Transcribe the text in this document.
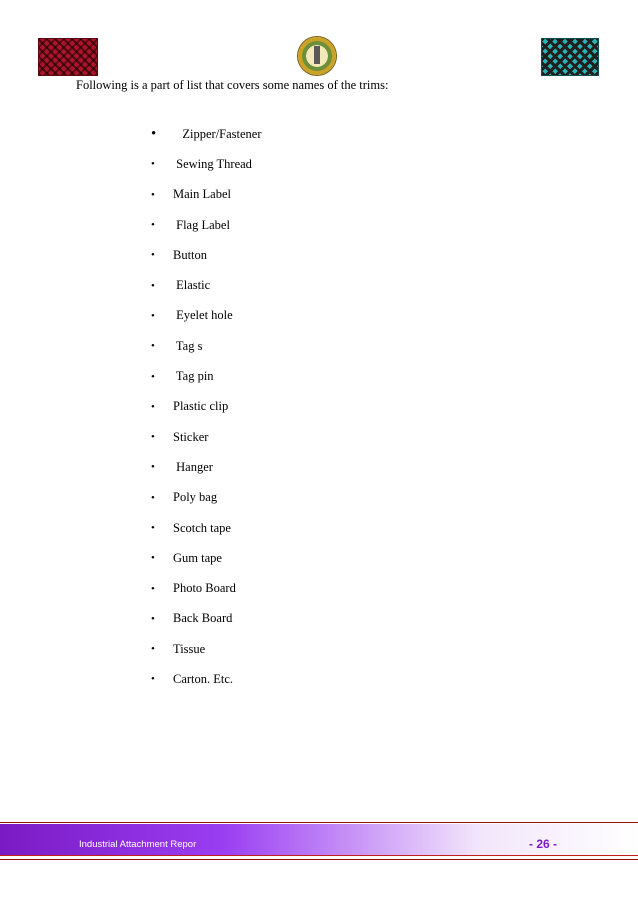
Following is a part of list that covers some names of the trims:

•	Zipper/Fastener
•	Sewing Thread
•	Main Label
•	Flag Label
•	Button
•	Elastic
•	Eyelet hole
•	Tag s
•	Tag pin
•	Plastic clip
•	Sticker
•	Hanger
•	Poly bag
•	Scotch tape
•	Gum tape
•	Photo Board
•	Back Board
•	Tissue
•	Carton. Etc.
Industrial Attachment Repor	- 26 -
